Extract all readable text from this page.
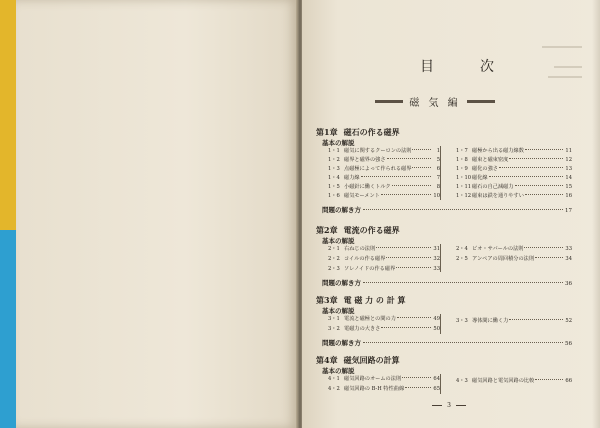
目　次
磁 気 編
第1章 磁石の作る磁界
基本の解説
1・1 磁気に関するクーロンの法則	1
1・2 磁界と磁界の強さ	5
1・3 点磁極によって作られる磁界	6
1・4 磁力線	7
1・5 小磁針に働くトルク	8
1・6 磁気モーメント	10
1・7 磁極から出る磁力線数	11
1・8 磁束と磁束密度	12
1・9 磁化の強さ	13
1・10 磁化線	14
1・11 磁石の自己減磁力	15
1・12 磁束は鉄を通りやすい	16
問題の解き方	17
第2章 電流の作る磁界
基本の解説
2・1 右ねじの法則	31
2・2 コイルの作る磁界	32
2・3 ソレノイドの作る磁界	33
2・4 ビオ・サバールの法則	33
2・5 アンペアの周回積分の法則	34
問題の解き方	36
第3章 電 磁 力 の 計 算
基本の解説
3・1 電流と磁極との間の力	49
3・2 電磁力の大きさ	50
3・3 導体間に働く力	52
問題の解き方	56
第4章 磁気回路の計算
基本の解説
4・1 磁気回路のオームの法則	64
4・2 磁気回路の B-H 特性曲線	65
4・3 磁気回路と電気回路の比較	66
3
